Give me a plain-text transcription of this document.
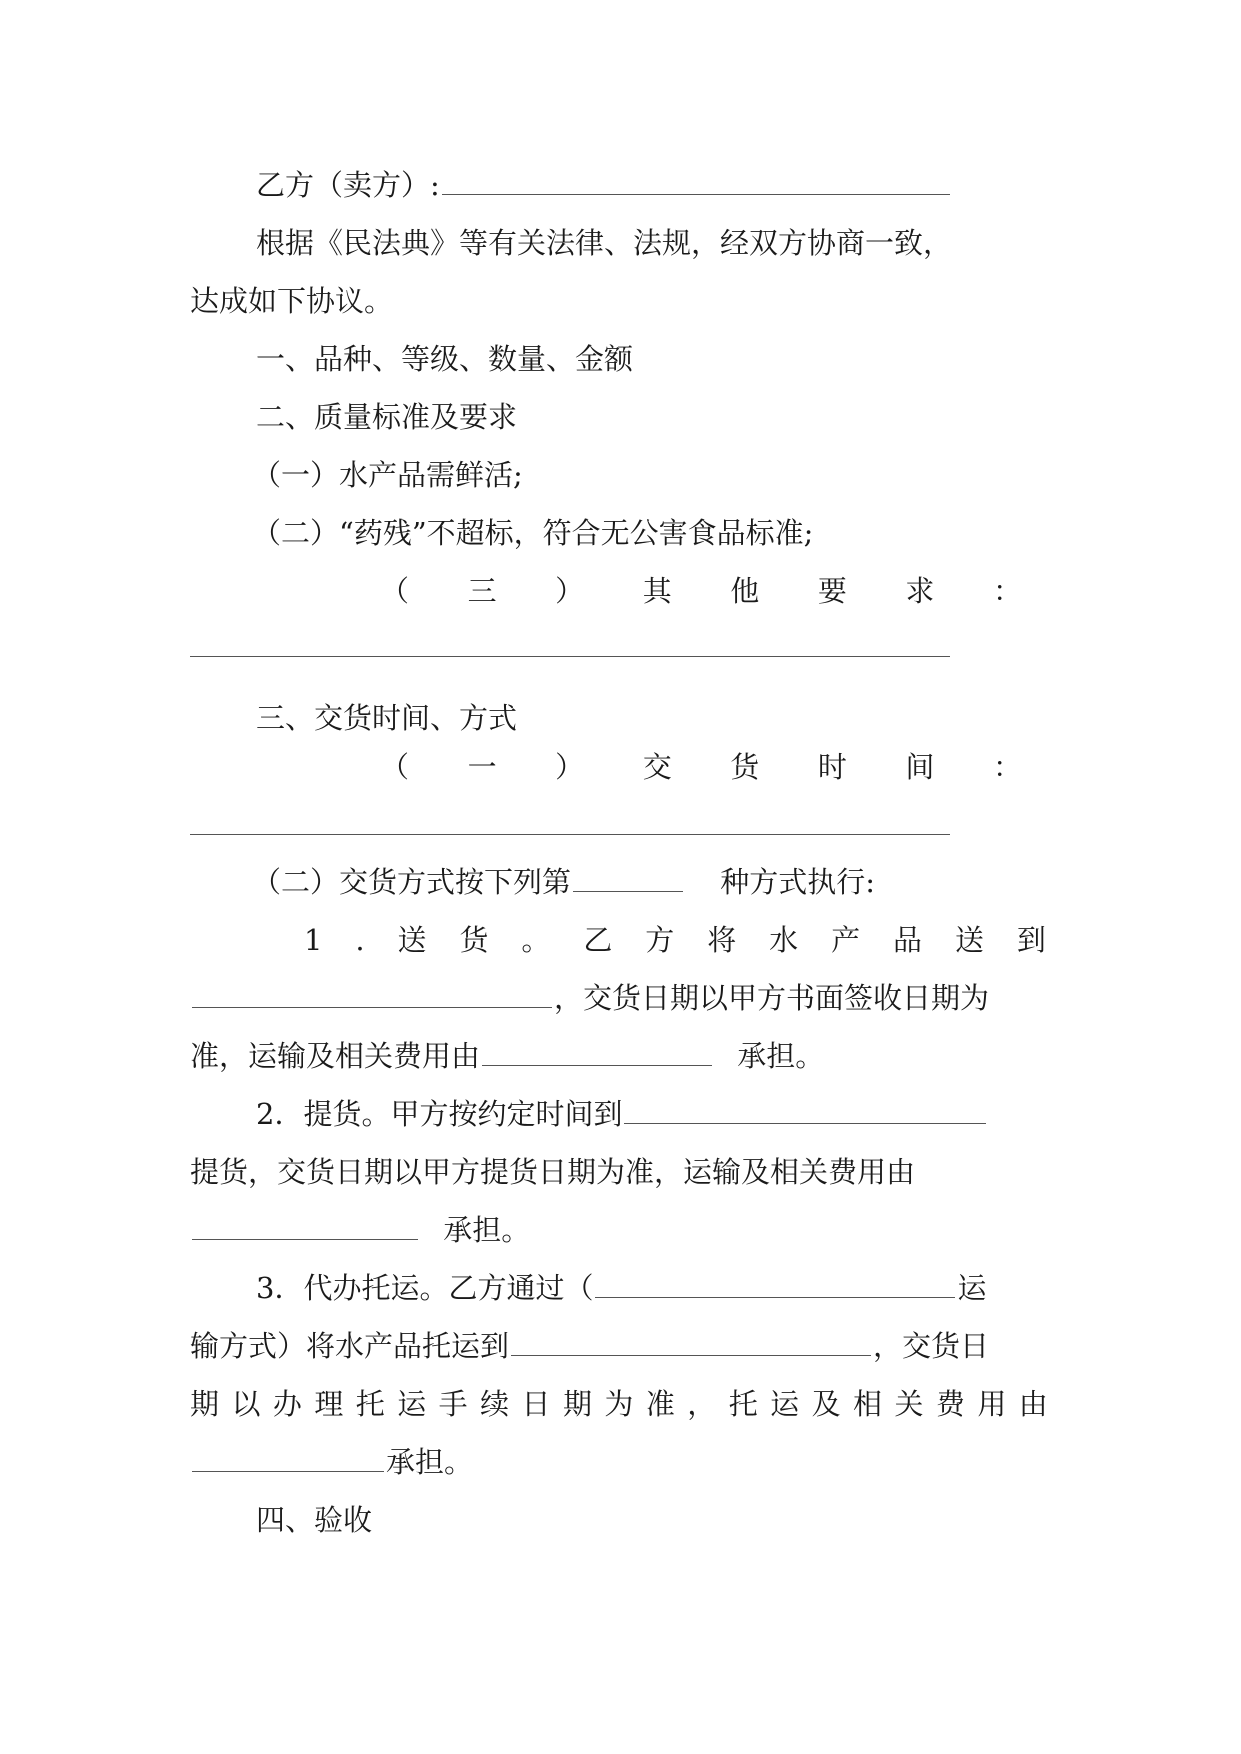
乙方（卖方）:
根据《民法典》等有关法律、法规，经双方协商一致，
达成如下协议。
一、品种、等级、数量、金额
二、质量标准及要求
（一）水产品需鲜活;
（二）“药残”不超标，符合无公害食品标准;
（ 三 ） 其 他 要 求 ：
三、交货时间、方式
（ 一 ） 交 货 时 间 ：
（二）交货方式按下列第	种方式执行:
1 . 送 货 。 乙 方 将 水 产 品 送 到
，交货日期以甲方书面签收日期为
准，运输及相关费用由	承担。
2．提货。甲方按约定时间到
提货，交货日期以甲方提货日期为准，运输及相关费用由
承担。
3．代办托运。乙方通过（	运
输方式）将水产品托运到	，交货日
期 以 办 理 托 运 手 续 日 期 为 准 ， 托 运 及 相 关 费 用 由
承担。
四、验收
